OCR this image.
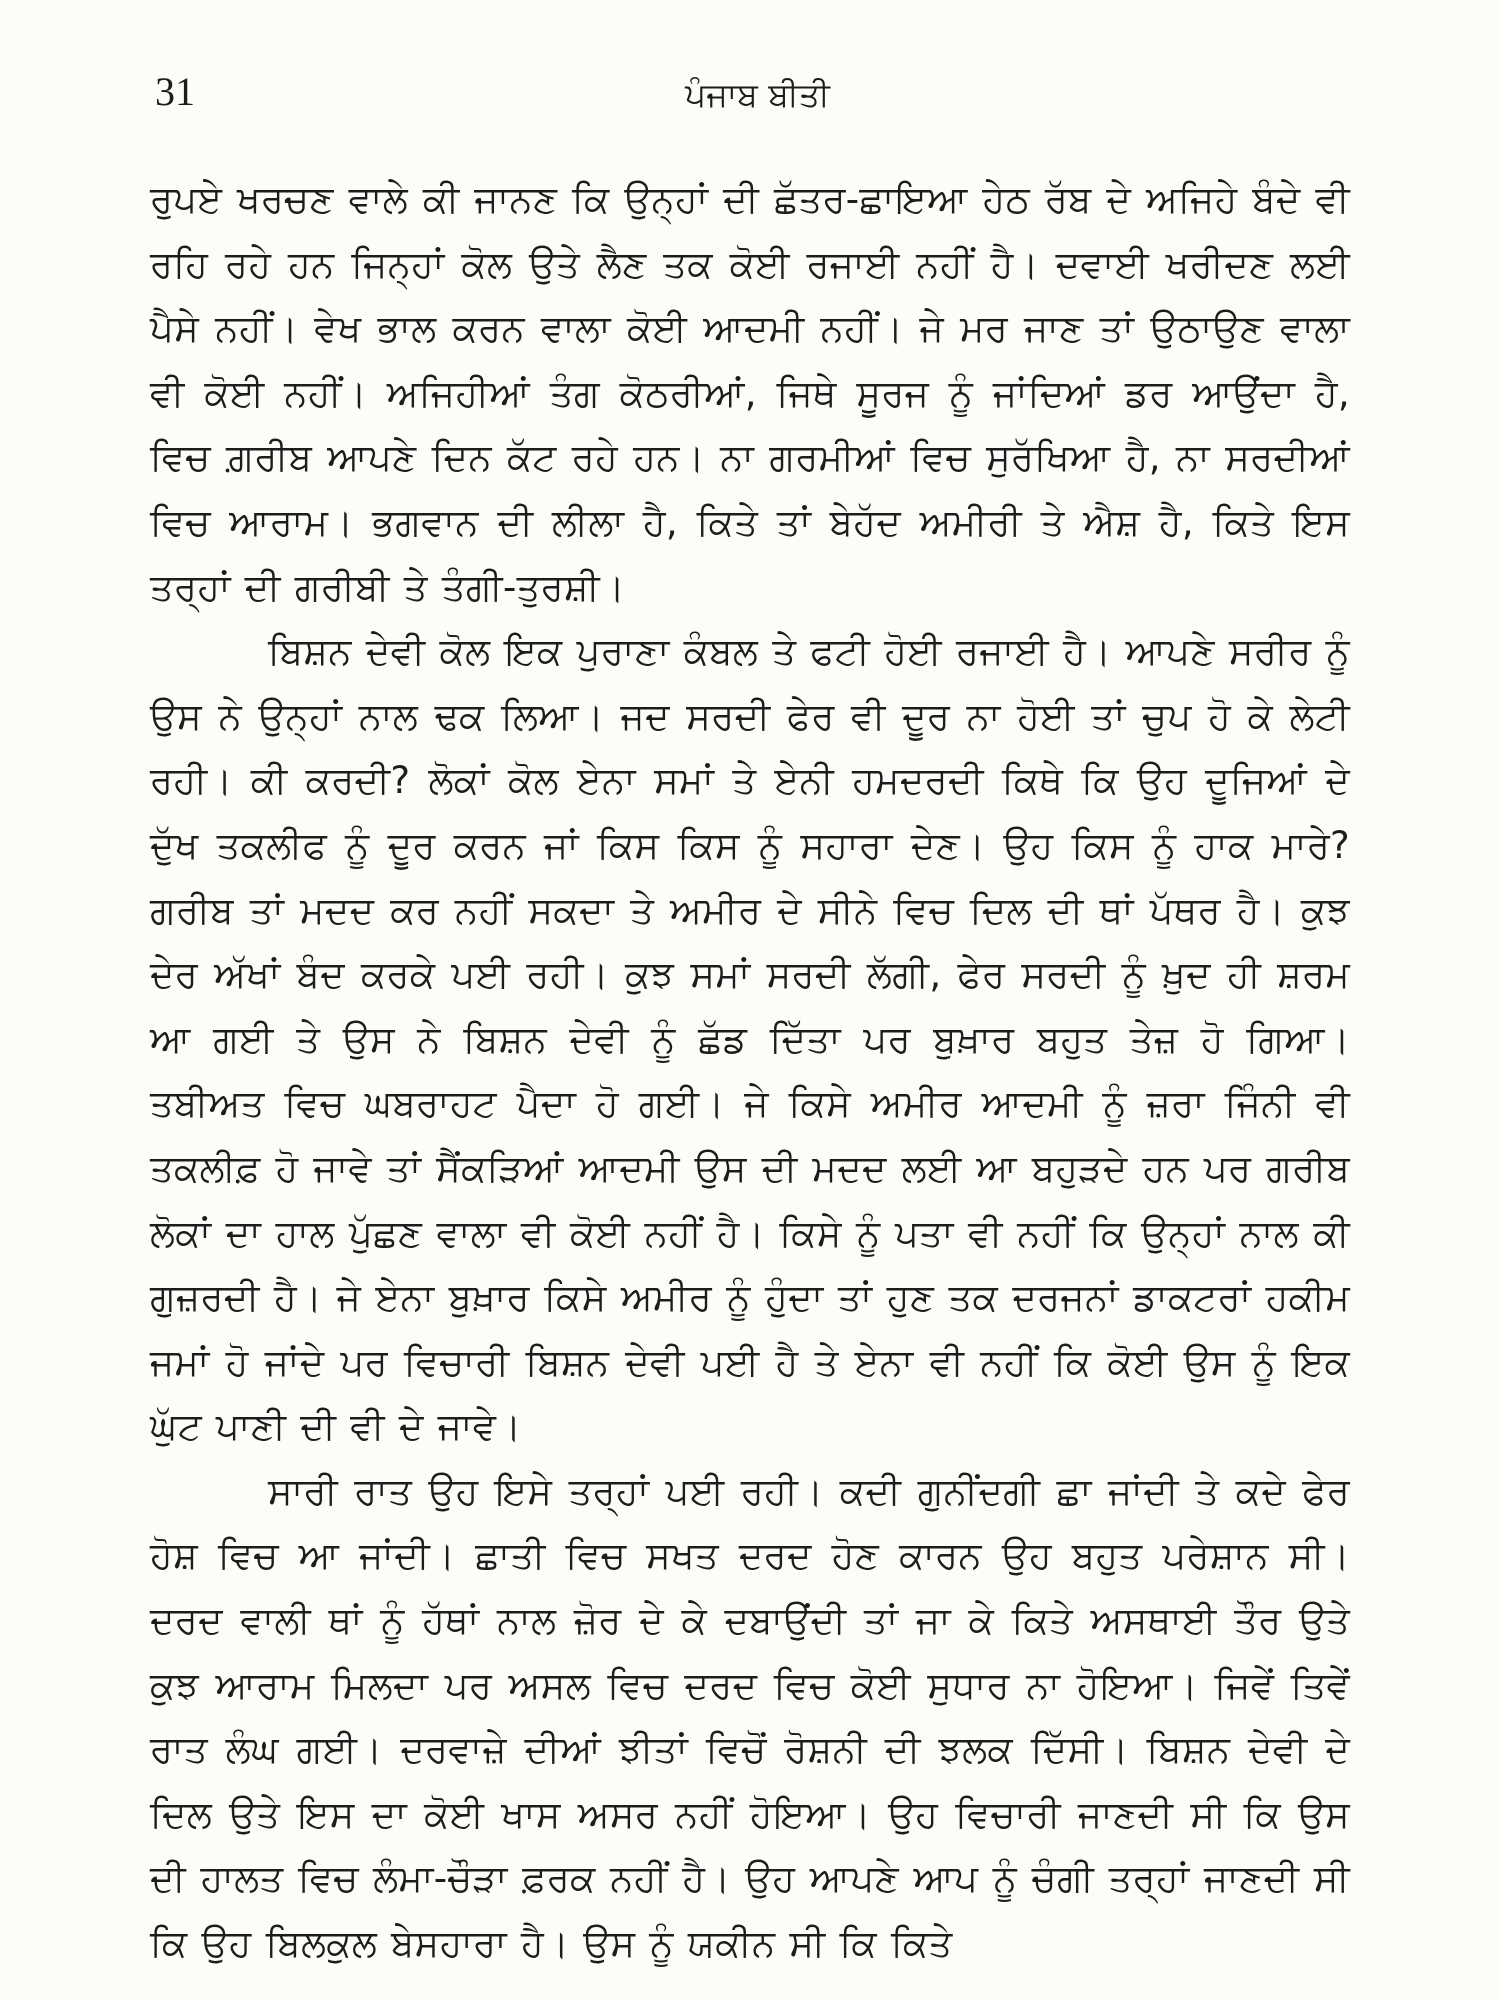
31	ਪੰਜਾਬ ਬੀਤੀ

ਰੁਪਏ ਖਰਚਣ ਵਾਲੇ ਕੀ ਜਾਨਣ ਕਿ ਉਨ੍ਹਾਂ ਦੀ ਛੱਤਰ-ਛਾਇਆ ਹੇਠ ਰੱਬ ਦੇ ਅਜਿਹੇ ਬੰਦੇ ਵੀ ਰਹਿ ਰਹੇ ਹਨ ਜਿਨ੍ਹਾਂ ਕੋਲ ਉਤੇ ਲੈਣ ਤਕ ਕੋਈ ਰਜਾਈ ਨਹੀਂ ਹੈ। ਦਵਾਈ ਖਰੀਦਣ ਲਈ ਪੈਸੇ ਨਹੀਂ। ਵੇਖ ਭਾਲ ਕਰਨ ਵਾਲਾ ਕੋਈ ਆਦਮੀ ਨਹੀਂ। ਜੇ ਮਰ ਜਾਣ ਤਾਂ ਉਠਾਉਣ ਵਾਲਾ ਵੀ ਕੋਈ ਨਹੀਂ। ਅਜਿਹੀਆਂ ਤੰਗ ਕੋਠਰੀਆਂ, ਜਿਥੇ ਸੂਰਜ ਨੂੰ ਜਾਂਦਿਆਂ ਡਰ ਆਉਂਦਾ ਹੈ, ਵਿਚ ਗ਼ਰੀਬ ਆਪਣੇ ਦਿਨ ਕੱਟ ਰਹੇ ਹਨ। ਨਾ ਗਰਮੀਆਂ ਵਿਚ ਸੁਰੱਖਿਆ ਹੈ, ਨਾ ਸਰਦੀਆਂ ਵਿਚ ਆਰਾਮ। ਭਗਵਾਨ ਦੀ ਲੀਲਾ ਹੈ, ਕਿਤੇ ਤਾਂ ਬੇਹੱਦ ਅਮੀਰੀ ਤੇ ਐਸ਼ ਹੈ, ਕਿਤੇ ਇਸ ਤਰ੍ਹਾਂ ਦੀ ਗਰੀਬੀ ਤੇ ਤੰਗੀ-ਤੁਰਸ਼ੀ।

ਬਿਸ਼ਨ ਦੇਵੀ ਕੋਲ ਇਕ ਪੁਰਾਣਾ ਕੰਬਲ ਤੇ ਫਟੀ ਹੋਈ ਰਜਾਈ ਹੈ। ਆਪਣੇ ਸਰੀਰ ਨੂੰ ਉਸ ਨੇ ਉਨ੍ਹਾਂ ਨਾਲ ਢਕ ਲਿਆ। ਜਦ ਸਰਦੀ ਫੇਰ ਵੀ ਦੂਰ ਨਾ ਹੋਈ ਤਾਂ ਚੁਪ ਹੋ ਕੇ ਲੇਟੀ ਰਹੀ। ਕੀ ਕਰਦੀ? ਲੋਕਾਂ ਕੋਲ ਏਨਾ ਸਮਾਂ ਤੇ ਏਨੀ ਹਮਦਰਦੀ ਕਿਥੇ ਕਿ ਉਹ ਦੂਜਿਆਂ ਦੇ ਦੁੱਖ ਤਕਲੀਫ ਨੂੰ ਦੂਰ ਕਰਨ ਜਾਂ ਕਿਸ ਕਿਸ ਨੂੰ ਸਹਾਰਾ ਦੇਣ। ਉਹ ਕਿਸ ਨੂੰ ਹਾਕ ਮਾਰੇ? ਗਰੀਬ ਤਾਂ ਮਦਦ ਕਰ ਨਹੀਂ ਸਕਦਾ ਤੇ ਅਮੀਰ ਦੇ ਸੀਨੇ ਵਿਚ ਦਿਲ ਦੀ ਥਾਂ ਪੱਥਰ ਹੈ। ਕੁਝ ਦੇਰ ਅੱਖਾਂ ਬੰਦ ਕਰਕੇ ਪਈ ਰਹੀ। ਕੁਝ ਸਮਾਂ ਸਰਦੀ ਲੱਗੀ, ਫੇਰ ਸਰਦੀ ਨੂੰ ਖ਼ੁਦ ਹੀ ਸ਼ਰਮ ਆ ਗਈ ਤੇ ਉਸ ਨੇ ਬਿਸ਼ਨ ਦੇਵੀ ਨੂੰ ਛੱਡ ਦਿੱਤਾ ਪਰ ਬੁਖ਼ਾਰ ਬਹੁਤ ਤੇਜ਼ ਹੋ ਗਿਆ। ਤਬੀਅਤ ਵਿਚ ਘਬਰਾਹਟ ਪੈਦਾ ਹੋ ਗਈ। ਜੇ ਕਿਸੇ ਅਮੀਰ ਆਦਮੀ ਨੂੰ ਜ਼ਰਾ ਜਿੰਨੀ ਵੀ ਤਕਲੀਫ਼ ਹੋ ਜਾਵੇ ਤਾਂ ਸੈਂਕੜਿਆਂ ਆਦਮੀ ਉਸ ਦੀ ਮਦਦ ਲਈ ਆ ਬਹੁੜਦੇ ਹਨ ਪਰ ਗਰੀਬ ਲੋਕਾਂ ਦਾ ਹਾਲ ਪੁੱਛਣ ਵਾਲਾ ਵੀ ਕੋਈ ਨਹੀਂ ਹੈ। ਕਿਸੇ ਨੂੰ ਪਤਾ ਵੀ ਨਹੀਂ ਕਿ ਉਨ੍ਹਾਂ ਨਾਲ ਕੀ ਗੁਜ਼ਰਦੀ ਹੈ। ਜੇ ਏਨਾ ਬੁਖ਼ਾਰ ਕਿਸੇ ਅਮੀਰ ਨੂੰ ਹੁੰਦਾ ਤਾਂ ਹੁਣ ਤਕ ਦਰਜਨਾਂ ਡਾਕਟਰਾਂ ਹਕੀਮ ਜਮਾਂ ਹੋ ਜਾਂਦੇ ਪਰ ਵਿਚਾਰੀ ਬਿਸ਼ਨ ਦੇਵੀ ਪਈ ਹੈ ਤੇ ਏਨਾ ਵੀ ਨਹੀਂ ਕਿ ਕੋਈ ਉਸ ਨੂੰ ਇਕ ਘੁੱਟ ਪਾਣੀ ਦੀ ਵੀ ਦੇ ਜਾਵੇ।

ਸਾਰੀ ਰਾਤ ਉਹ ਇਸੇ ਤਰ੍ਹਾਂ ਪਈ ਰਹੀ। ਕਦੀ ਗੁਨੀਂਦਗੀ ਛਾ ਜਾਂਦੀ ਤੇ ਕਦੇ ਫੇਰ ਹੋਸ਼ ਵਿਚ ਆ ਜਾਂਦੀ। ਛਾਤੀ ਵਿਚ ਸਖਤ ਦਰਦ ਹੋਣ ਕਾਰਨ ਉਹ ਬਹੁਤ ਪਰੇਸ਼ਾਨ ਸੀ। ਦਰਦ ਵਾਲੀ ਥਾਂ ਨੂੰ ਹੱਥਾਂ ਨਾਲ ਜ਼ੋਰ ਦੇ ਕੇ ਦਬਾਉਂਦੀ ਤਾਂ ਜਾ ਕੇ ਕਿਤੇ ਅਸਥਾਈ ਤੌਰ ਉਤੇ ਕੁਝ ਆਰਾਮ ਮਿਲਦਾ ਪਰ ਅਸਲ ਵਿਚ ਦਰਦ ਵਿਚ ਕੋਈ ਸੁਧਾਰ ਨਾ ਹੋਇਆ। ਜਿਵੇਂ ਤਿਵੇਂ ਰਾਤ ਲੰਘ ਗਈ। ਦਰਵਾਜ਼ੇ ਦੀਆਂ ਝੀਤਾਂ ਵਿਚੋਂ ਰੋਸ਼ਨੀ ਦੀ ਝਲਕ ਦਿੱਸੀ। ਬਿਸ਼ਨ ਦੇਵੀ ਦੇ ਦਿਲ ਉਤੇ ਇਸ ਦਾ ਕੋਈ ਖਾਸ ਅਸਰ ਨਹੀਂ ਹੋਇਆ। ਉਹ ਵਿਚਾਰੀ ਜਾਣਦੀ ਸੀ ਕਿ ਉਸ ਦੀ ਹਾਲਤ ਵਿਚ ਲੰਮਾ-ਚੌੜਾ ਫ਼ਰਕ ਨਹੀਂ ਹੈ। ਉਹ ਆਪਣੇ ਆਪ ਨੂੰ ਚੰਗੀ ਤਰ੍ਹਾਂ ਜਾਣਦੀ ਸੀ ਕਿ ਉਹ ਬਿਲਕੁਲ ਬੇਸਹਾਰਾ ਹੈ। ਉਸ ਨੂੰ ਯਕੀਨ ਸੀ ਕਿ ਕਿਤੇ
